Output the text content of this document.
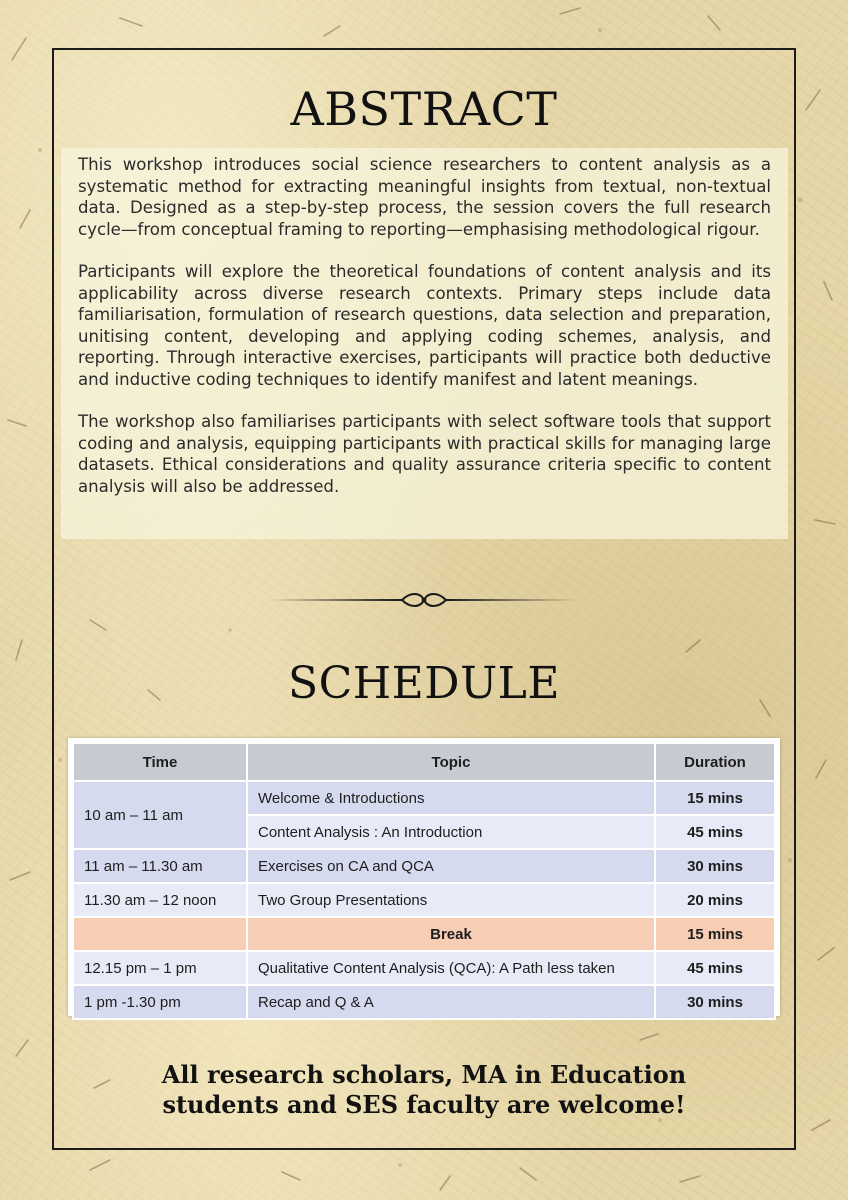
ABSTRACT

This workshop introduces social science researchers to content analysis as a systematic method for extracting meaningful insights from textual, non-textual data. Designed as a step-by-step process, the session covers the full research cycle—from conceptual framing to reporting—emphasising methodological rigour.

Participants will explore the theoretical foundations of content analysis and its applicability across diverse research contexts. Primary steps include data familiarisation, formulation of research questions, data selection and preparation, unitising content, developing and applying coding schemes, analysis, and reporting. Through interactive exercises, participants will practice both deductive and inductive coding techniques to identify manifest and latent meanings.

The workshop also familiarises participants with select software tools that support coding and analysis, equipping participants with practical skills for managing large datasets. Ethical considerations and quality assurance criteria specific to content analysis will also be addressed.

SCHEDULE
Time	Topic	Duration
10 am – 11 am	Welcome & Introductions	15 mins
	Content Analysis : An Introduction	45 mins
11 am – 11.30 am	Exercises on CA and QCA	30 mins
11.30 am – 12 noon	Two Group Presentations	20 mins
	Break	15 mins
12.15 pm – 1 pm	Qualitative Content Analysis (QCA): A Path less taken	45 mins
1 pm -1.30 pm	Recap and Q & A	30 mins

All research scholars, MA in Education
students and SES faculty are welcome!
